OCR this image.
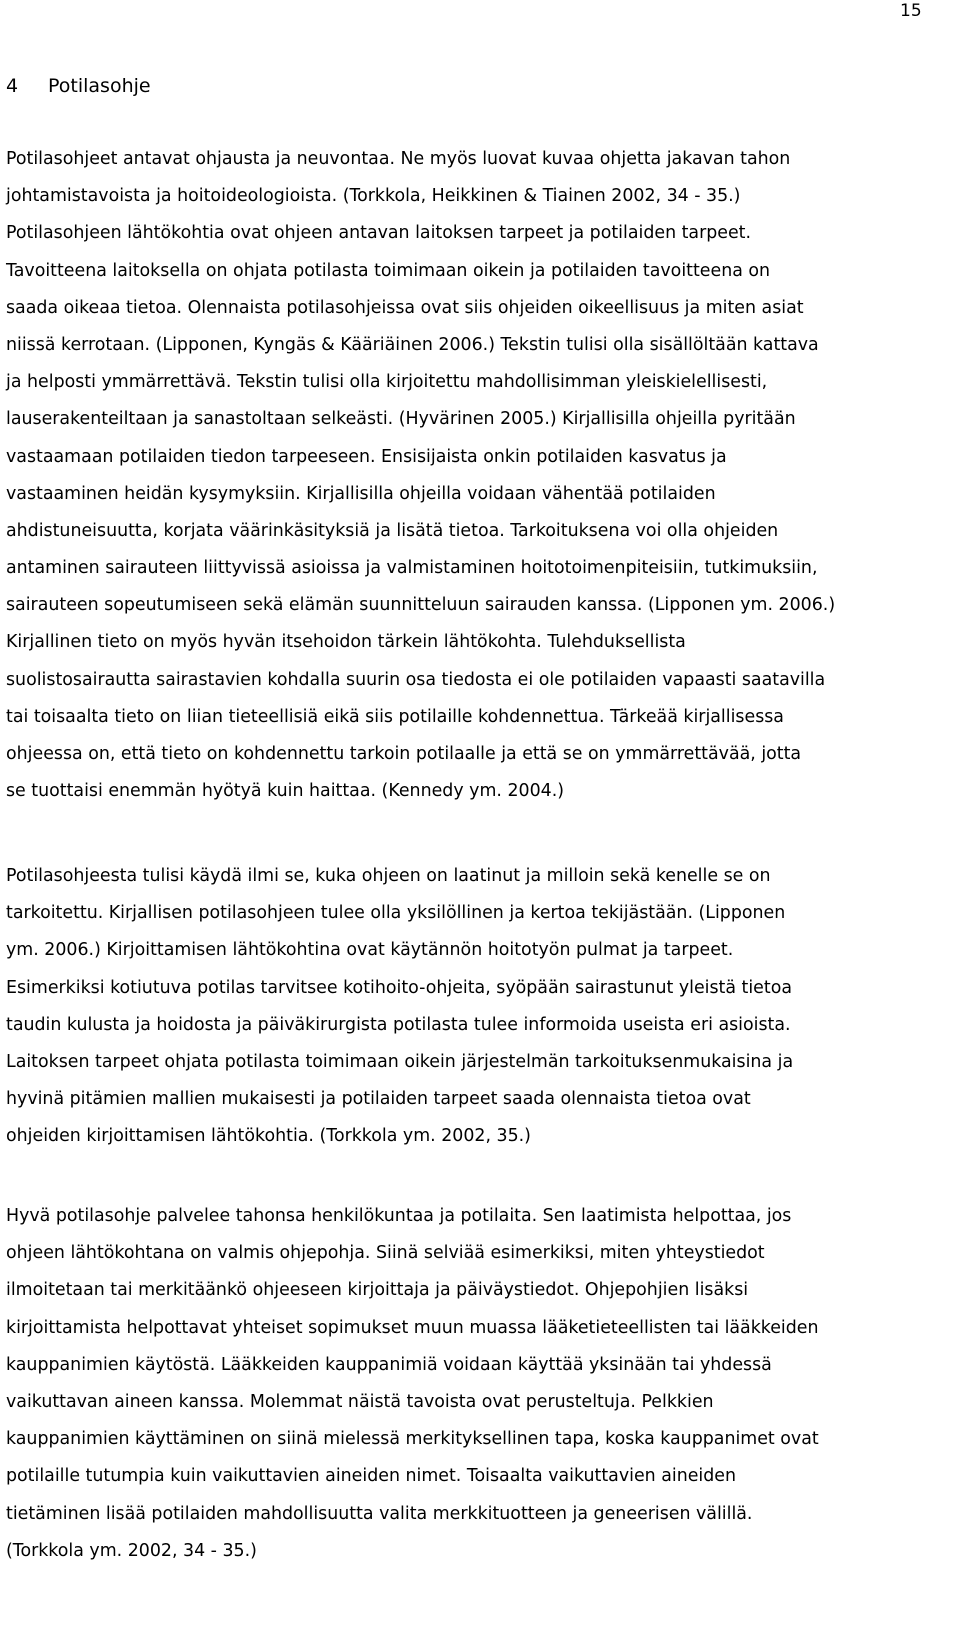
15
4 Potilasohje
Potilasohjeet antavat ohjausta ja neuvontaa. Ne myös luovat kuvaa ohjetta jakavan tahon
johtamistavoista ja hoitoideologioista. (Torkkola, Heikkinen & Tiainen 2002, 34 - 35.)
Potilasohjeen lähtökohtia ovat ohjeen antavan laitoksen tarpeet ja potilaiden tarpeet.
Tavoitteena laitoksella on ohjata potilasta toimimaan oikein ja potilaiden tavoitteena on
saada oikeaa tietoa. Olennaista potilasohjeissa ovat siis ohjeiden oikeellisuus ja miten asiat
niissä kerrotaan. (Lipponen, Kyngäs & Kääriäinen 2006.) Tekstin tulisi olla sisällöltään kattava
ja helposti ymmärrettävä. Tekstin tulisi olla kirjoitettu mahdollisimman yleiskielellisesti,
lauserakenteiltaan ja sanastoltaan selkeästi. (Hyvärinen 2005.) Kirjallisilla ohjeilla pyritään
vastaamaan potilaiden tiedon tarpeeseen. Ensisijaista onkin potilaiden kasvatus ja
vastaaminen heidän kysymyksiin. Kirjallisilla ohjeilla voidaan vähentää potilaiden
ahdistuneisuutta, korjata väärinkäsityksiä ja lisätä tietoa. Tarkoituksena voi olla ohjeiden
antaminen sairauteen liittyvissä asioissa ja valmistaminen hoitotoimenpiteisiin, tutkimuksiin,
sairauteen sopeutumiseen sekä elämän suunnitteluun sairauden kanssa. (Lipponen ym. 2006.)
Kirjallinen tieto on myös hyvän itsehoidon tärkein lähtökohta. Tulehduksellista
suolistosairautta sairastavien kohdalla suurin osa tiedosta ei ole potilaiden vapaasti saatavilla
tai toisaalta tieto on liian tieteellisiä eikä siis potilaille kohdennettua. Tärkeää kirjallisessa
ohjeessa on, että tieto on kohdennettu tarkoin potilaalle ja että se on ymmärrettävää, jotta
se tuottaisi enemmän hyötyä kuin haittaa. (Kennedy ym. 2004.)
Potilasohjeesta tulisi käydä ilmi se, kuka ohjeen on laatinut ja milloin sekä kenelle se on
tarkoitettu. Kirjallisen potilasohjeen tulee olla yksilöllinen ja kertoa tekijästään. (Lipponen
ym. 2006.) Kirjoittamisen lähtökohtina ovat käytännön hoitotyön pulmat ja tarpeet.
Esimerkiksi kotiutuva potilas tarvitsee kotihoito-ohjeita, syöpään sairastunut yleistä tietoa
taudin kulusta ja hoidosta ja päiväkirurgista potilasta tulee informoida useista eri asioista.
Laitoksen tarpeet ohjata potilasta toimimaan oikein järjestelmän tarkoituksenmukaisina ja
hyvinä pitämien mallien mukaisesti ja potilaiden tarpeet saada olennaista tietoa ovat
ohjeiden kirjoittamisen lähtökohtia. (Torkkola ym. 2002, 35.)
Hyvä potilasohje palvelee tahonsa henkilökuntaa ja potilaita. Sen laatimista helpottaa, jos
ohjeen lähtökohtana on valmis ohjepohja. Siinä selviää esimerkiksi, miten yhteystiedot
ilmoitetaan tai merkitäänkö ohjeeseen kirjoittaja ja päiväystiedot. Ohjepohjien lisäksi
kirjoittamista helpottavat yhteiset sopimukset muun muassa lääketieteellisten tai lääkkeiden
kauppanimien käytöstä. Lääkkeiden kauppanimiä voidaan käyttää yksinään tai yhdessä
vaikuttavan aineen kanssa. Molemmat näistä tavoista ovat perusteltuja. Pelkkien
kauppanimien käyttäminen on siinä mielessä merkityksellinen tapa, koska kauppanimet ovat
potilaille tutumpia kuin vaikuttavien aineiden nimet. Toisaalta vaikuttavien aineiden
tietäminen lisää potilaiden mahdollisuutta valita merkkituotteen ja geneerisen välillä.
(Torkkola ym. 2002, 34 - 35.)
